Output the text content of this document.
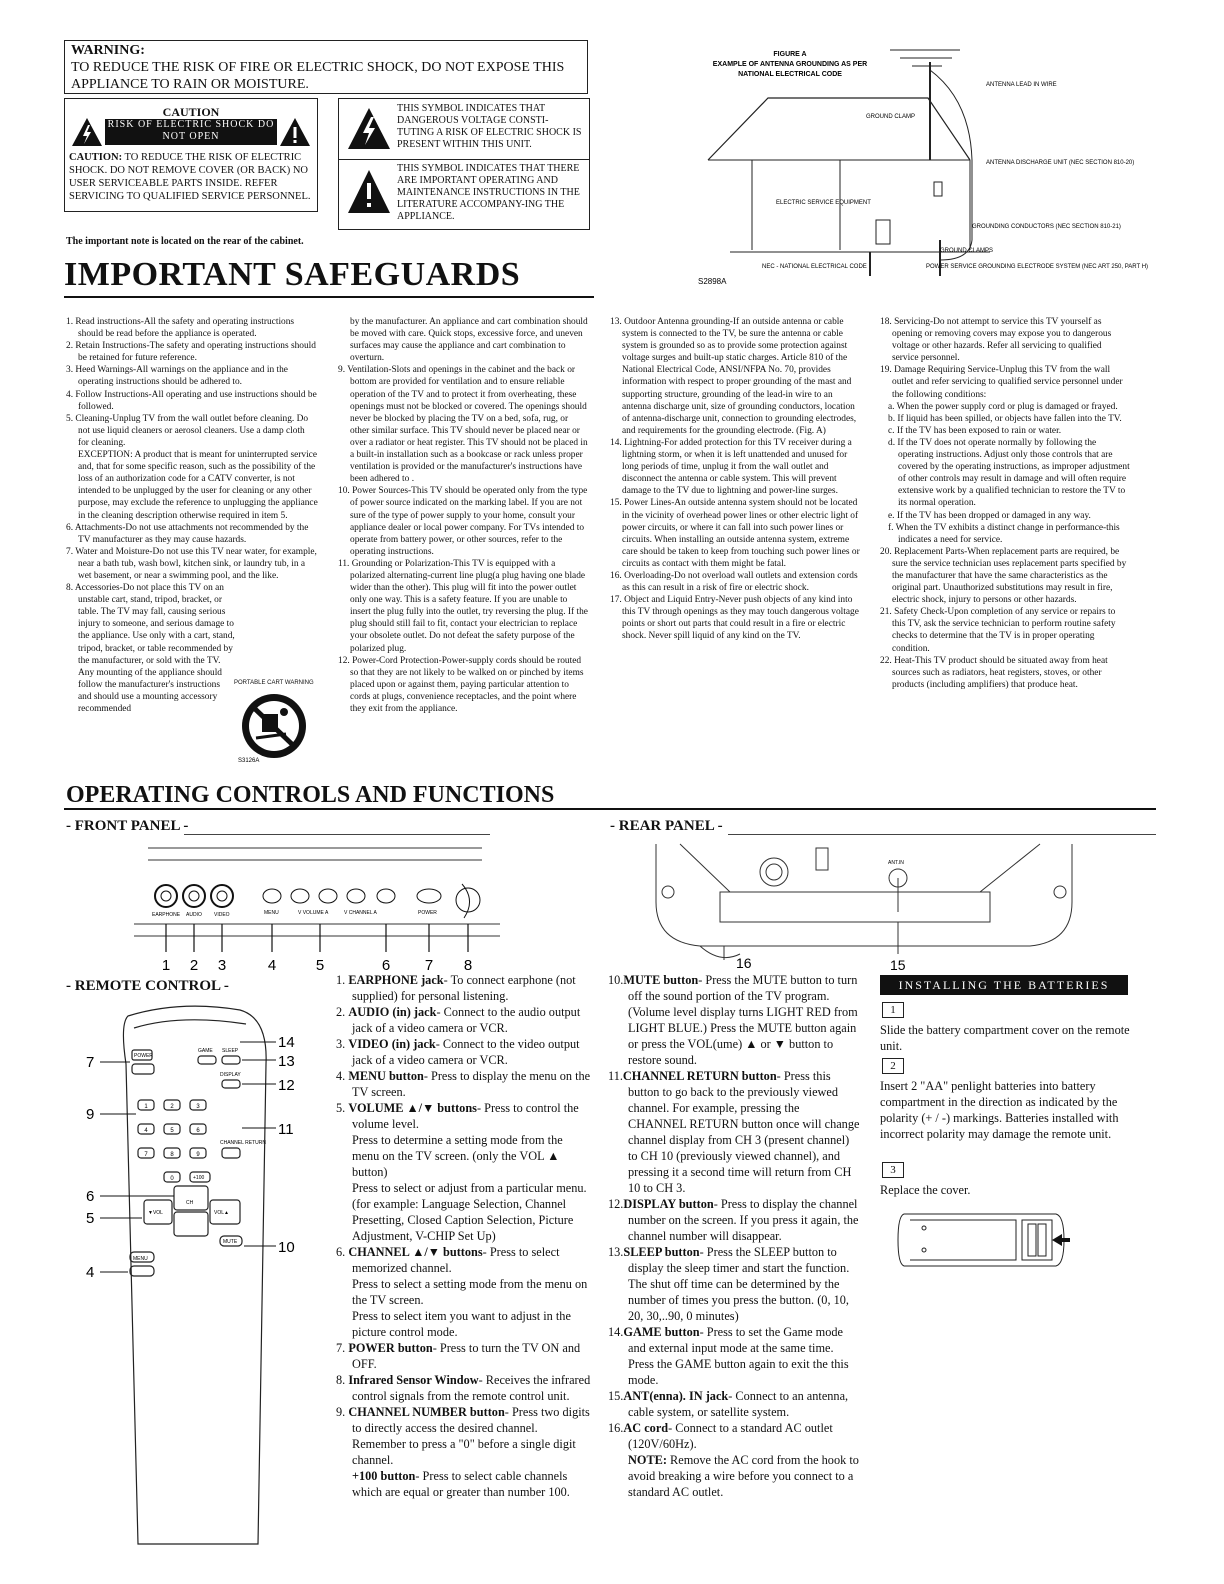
WARNING:
TO REDUCE THE RISK OF FIRE OR ELECTRIC SHOCK, DO NOT EXPOSE THIS APPLIANCE TO RAIN OR MOISTURE.
CAUTION
RISK OF ELECTRIC SHOCK DO NOT OPEN
CAUTION: TO REDUCE THE RISK OF ELECTRIC SHOCK. DO NOT REMOVE COVER (OR BACK) NO USER SERVICEABLE PARTS INSIDE. REFER SERVICING TO QUALIFIED SERVICE PERSONNEL.
THIS SYMBOL INDICATES THAT DANGEROUS VOLTAGE CONSTI-TUTING A RISK OF ELECTRIC SHOCK IS PRESENT WITHIN THIS UNIT.
THIS SYMBOL INDICATES THAT THERE ARE IMPORTANT OPERATING AND MAINTENANCE INSTRUCTIONS IN THE LITERATURE ACCOMPANY-ING THE APPLIANCE.
The important note is located on the rear of the cabinet.
FIGURE A
EXAMPLE OF ANTENNA GROUNDING AS PER
NATIONAL ELECTRICAL CODE
GROUND CLAMP
ANTENNA LEAD IN WIRE
ANTENNA DISCHARGE UNIT (NEC SECTION 810-20)
ELECTRIC SERVICE EQUIPMENT
GROUNDING CONDUCTORS (NEC SECTION 810-21)
GROUND CLAMPS
NEC - NATIONAL ELECTRICAL CODE	POWER SERVICE GROUNDING ELECTRODE SYSTEM (NEC ART 250, PART H)
S2898A
IMPORTANT SAFEGUARDS

1. Read instructions-All the safety and operating instructions should be read before the appliance is operated.

2. Retain Instructions-The safety and operating instructions should be retained for future reference.

3. Heed Warnings-All warnings on the appliance and in the operating instructions should be adhered to.

4. Follow Instructions-All operating and use instructions should be followed.

5. Cleaning-Unplug TV from the wall outlet before cleaning. Do not use liquid cleaners or aerosol cleaners. Use a damp cloth for cleaning.

EXCEPTION: A product that is meant for uninterrupted service and, that for some specific reason, such as the possibility of the loss of an authorization code for a CATV converter, is not intended to be unplugged by the user for cleaning or any other purpose, may exclude the reference to unplugging the appliance in the cleaning description otherwise required in item 5.

6. Attachments-Do not use attachments not recommended by the TV manufacturer as they may cause hazards.

7. Water and Moisture-Do not use this TV near water, for example, near a bath tub, wash bowl, kitchen sink, or laundry tub, in a wet basement, or near a swimming pool, and the like.

8. Accessories-Do not place this TV on an unstable cart, stand, tripod, bracket, or table. The TV may fall, causing serious injury to someone, and serious damage to the appliance. Use only with a cart, stand, tripod, bracket, or table recommended by the manufacturer, or sold with the TV.

Any mounting of the appliance should follow the manufacturer's instructions and should use a mounting accessory recommended

PORTABLE CART WARNING
S3126A

by the manufacturer. An appliance and cart combination should be moved with care. Quick stops, excessive force, and uneven surfaces may cause the appliance and cart combination to overturn.

9. Ventilation-Slots and openings in the cabinet and the back or bottom are provided for ventilation and to ensure reliable operation of the TV and to protect it from overheating, these openings must not be blocked or covered. The openings should never be blocked by placing the TV on a bed, sofa, rug, or other similar surface. This TV should never be placed near or over a radiator or heat register. This TV should not be placed in a built-in installation such as a bookcase or rack unless proper ventilation is provided or the manufacturer's instructions have been adhered to .

10. Power Sources-This TV should be operated only from the type of power source indicated on the marking label. If you are not sure of the type of power supply to your home, consult your appliance dealer or local power company. For TVs intended to operate from battery power, or other sources, refer to the operating instructions.

11. Grounding or Polarization-This TV is equipped with a polarized alternating-current line plug(a plug having one blade wider than the other). This plug will fit into the power outlet only one way. This is a safety feature. If you are unable to insert the plug fully into the outlet, try reversing the plug. If the plug should still fail to fit, contact your electrician to replace your obsolete outlet. Do not defeat the safety purpose of the polarized plug.

12. Power-Cord Protection-Power-supply cords should be routed so that they are not likely to be walked on or pinched by items placed upon or against them, paying particular attention to cords at plugs, convenience receptacles, and the point where they exit from the appliance.

13. Outdoor Antenna grounding-If an outside antenna or cable system is connected to the TV, be sure the antenna or cable system is grounded so as to provide some protection against voltage surges and built-up static charges. Article 810 of the National Electrical Code, ANSI/NFPA No. 70, provides information with respect to proper grounding of the mast and supporting structure, grounding of the lead-in wire to an antenna discharge unit, size of grounding conductors, location of antenna-discharge unit, connection to grounding electrodes, and requirements for the grounding electrode. (Fig. A)

14. Lightning-For added protection for this TV receiver during a lightning storm, or when it is left unattended and unused for long periods of time, unplug it from the wall outlet and disconnect the antenna or cable system. This will prevent damage to the TV due to lightning and power-line surges.

15. Power Lines-An outside antenna system should not be located in the vicinity of overhead power lines or other electric light of power circuits, or where it can fall into such power lines or circuits. When installing an outside antenna system, extreme care should be taken to keep from touching such power lines or circuits as contact with them might be fatal.

16. Overloading-Do not overload wall outlets and extension cords as this can result in a risk of fire or electric shock.

17. Object and Liquid Entry-Never push objects of any kind into this TV through openings as they may touch dangerous voltage points or short out parts that could result in a fire or electric shock. Never spill liquid of any kind on the TV.

18. Servicing-Do not attempt to service this TV yourself as opening or removing covers may expose you to dangerous voltage or other hazards. Refer all servicing to qualified service personnel.

19. Damage Requiring Service-Unplug this TV from the wall outlet and refer servicing to qualified service personnel under the following conditions:

a. When the power supply cord or plug is damaged or frayed.

b. If liquid has been spilled, or objects have fallen into the TV.

c. If the TV has been exposed to rain or water.

d. If the TV does not operate normally by following the operating instructions. Adjust only those controls that are covered by the operating instructions, as improper adjustment of other controls may result in damage and will often require extensive work by a qualified technician to restore the TV to its normal operation.

e. If the TV has been dropped or damaged in any way.

f. When the TV exhibits a distinct change in performance-this indicates a need for service.

20. Replacement Parts-When replacement parts are required, be sure the service technician uses replacement parts specified by the manufacturer that have the same characteristics as the original part. Unauthorized substitutions may result in fire, electric shock, injury to persons or other hazards.

21. Safety Check-Upon completion of any service or repairs to this TV, ask the service technician to perform routine safety checks to determine that the TV is in proper operating condition.

22. Heat-This TV product should be situated away from heat sources such as radiators, heat registers, stoves, or other products (including amplifiers) that produce heat.

OPERATING CONTROLS AND FUNCTIONS
- FRONT PANEL -
EARPHONE AUDIO VIDEO	MENU	V VOLUME A	V CHANNEL A	POWER
1 2 3	4	5	6 7 8
- REAR PANEL -
ANT.IN
16	15
- REMOTE CONTROL -
POWER
GAME SLEEP
DISPLAY
CHANNEL RETURN
+100
CH
▼VOL	VOL▲
MUTE
MENU
1	2	3
4	5	6
7	8	9
0
14
13
12
11
10
7
9
6
5
4

1. EARPHONE jack- To connect earphone (not supplied) for personal listening.

2. AUDIO (in) jack- Connect to the audio output jack of a video camera or VCR.

3. VIDEO (in) jack- Connect to the video output jack of a video camera or VCR.

4. MENU button- Press to display the menu on the TV screen.

5. VOLUME ▲/▼ buttons- Press to control the volume level.

Press to determine a setting mode from the menu on the TV screen. (only the VOL ▲ button)

Press to select or adjust from a particular menu. (for example: Language Selection, Channel Presetting, Closed Caption Selection, Picture Adjustment, V-CHIP Set Up)

6. CHANNEL ▲/▼ buttons- Press to select memorized channel.

Press to select a setting mode from the menu on the TV screen.

Press to select item you want to adjust in the picture control mode.

7. POWER button- Press to turn the TV ON and OFF.

8. Infrared Sensor Window- Receives the infrared control signals from the remote control unit.

9. CHANNEL NUMBER button- Press two digits to directly access the desired channel. Remember to press a "0" before a single digit channel.

+100 button- Press to select cable channels which are equal or greater than number 100.

10.MUTE button- Press the MUTE button to turn off the sound portion of the TV program. (Volume level display turns LIGHT RED from LIGHT BLUE.) Press the MUTE button again or press the VOL(ume) ▲ or ▼ button to restore sound.

11.CHANNEL RETURN button- Press this button to go back to the previously viewed channel. For example, pressing the CHANNEL RETURN button once will change channel display from CH 3 (present channel) to CH 10 (previously viewed channel), and pressing it a second time will return from CH 10 to CH 3.

12.DISPLAY button- Press to display the channel number on the screen. If you press it again, the channel number will disappear.

13.SLEEP button- Press the SLEEP button to display the sleep timer and start the function. The shut off time can be determined by the number of times you press the button. (0, 10, 20, 30,..90, 0 minutes)

14.GAME button- Press to set the Game mode and external input mode at the same time. Press the GAME button again to exit the this mode.

15.ANT(enna). IN jack- Connect to an antenna, cable system, or satellite system.

16.AC cord- Connect to a standard AC outlet (120V/60Hz).

NOTE: Remove the AC cord from the hook to avoid breaking a wire before you connect to a standard AC outlet.

INSTALLING THE BATTERIES
1
Slide the battery compartment cover on the remote unit.
2
Insert 2 "AA" penlight batteries into battery compartment in the direction as indicated by the polarity (+ / -) markings. Batteries installed with incorrect polarity may damage the remote unit.
3
Replace the cover.
